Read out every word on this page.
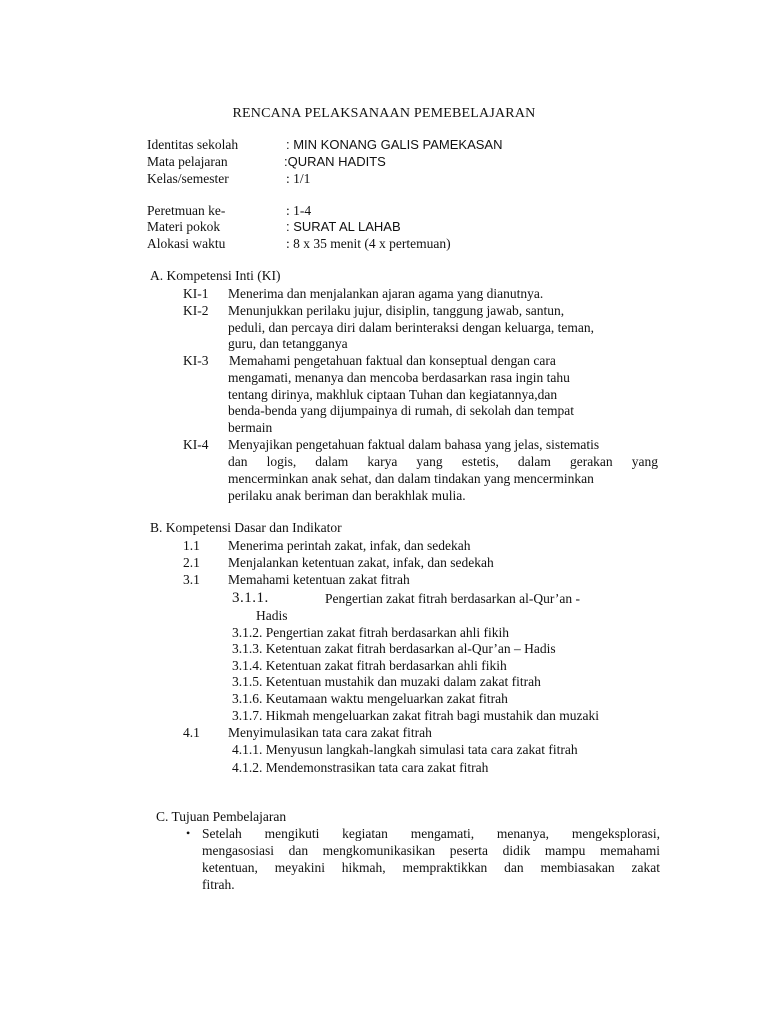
RENCANA PELAKSANAAN PEMEBELAJARAN
Identitas sekolah	: MIN KONANG GALIS PAMEKASAN
Mata pelajaran	:QURAN HADITS
Kelas/semester	: 1/1
Peretmuan ke-	: 1-4
Materi pokok	: SURAT AL LAHAB
Alokasi waktu	: 8 x 35 menit (4 x pertemuan)
A. Kompetensi Inti (KI)
KI-1 Menerima dan menjalankan ajaran agama yang dianutnya.
KI-2 Menunjukkan perilaku jujur, disiplin, tanggung jawab, santun,
peduli, dan percaya diri dalam berinteraksi dengan keluarga, teman,
guru, dan tetangganya
KI-3 Memahami pengetahuan faktual dan konseptual dengan cara
mengamati, menanya dan mencoba berdasarkan rasa ingin tahu
tentang dirinya, makhluk ciptaan Tuhan dan kegiatannya,dan
benda-benda yang dijumpainya di rumah, di sekolah dan tempat
bermain
KI-4 Menyajikan pengetahuan faktual dalam bahasa yang jelas, sistematis
dan logis, dalam karya yang estetis, dalam gerakan yang
mencerminkan anak sehat, dan dalam tindakan yang mencerminkan
perilaku anak beriman dan berakhlak mulia.
B. Kompetensi Dasar dan Indikator
1.1 Menerima perintah zakat, infak, dan sedekah
2.1 Menjalankan ketentuan zakat, infak, dan sedekah
3.1 Memahami ketentuan zakat fitrah
3.1.1.	Pengertian zakat fitrah berdasarkan al-Qur’an -
Hadis
3.1.2. Pengertian zakat fitrah berdasarkan ahli fikih
3.1.3. Ketentuan zakat fitrah berdasarkan al-Qur’an – Hadis
3.1.4. Ketentuan zakat fitrah berdasarkan ahli fikih
3.1.5. Ketentuan mustahik dan muzaki dalam zakat fitrah
3.1.6. Keutamaan waktu mengeluarkan zakat fitrah
3.1.7. Hikmah mengeluarkan zakat fitrah bagi mustahik dan muzaki
4.1 Menyimulasikan tata cara zakat fitrah
4.1.1. Menyusun langkah-langkah simulasi tata cara zakat fitrah
4.1.2. Mendemonstrasikan tata cara zakat fitrah
C. Tujuan Pembelajaran
• Setelah mengikuti kegiatan mengamati, menanya, mengeksplorasi,
mengasosiasi dan mengkomunikasikan peserta didik mampu memahami
ketentuan, meyakini hikmah, mempraktikkan dan membiasakan zakat
fitrah.
